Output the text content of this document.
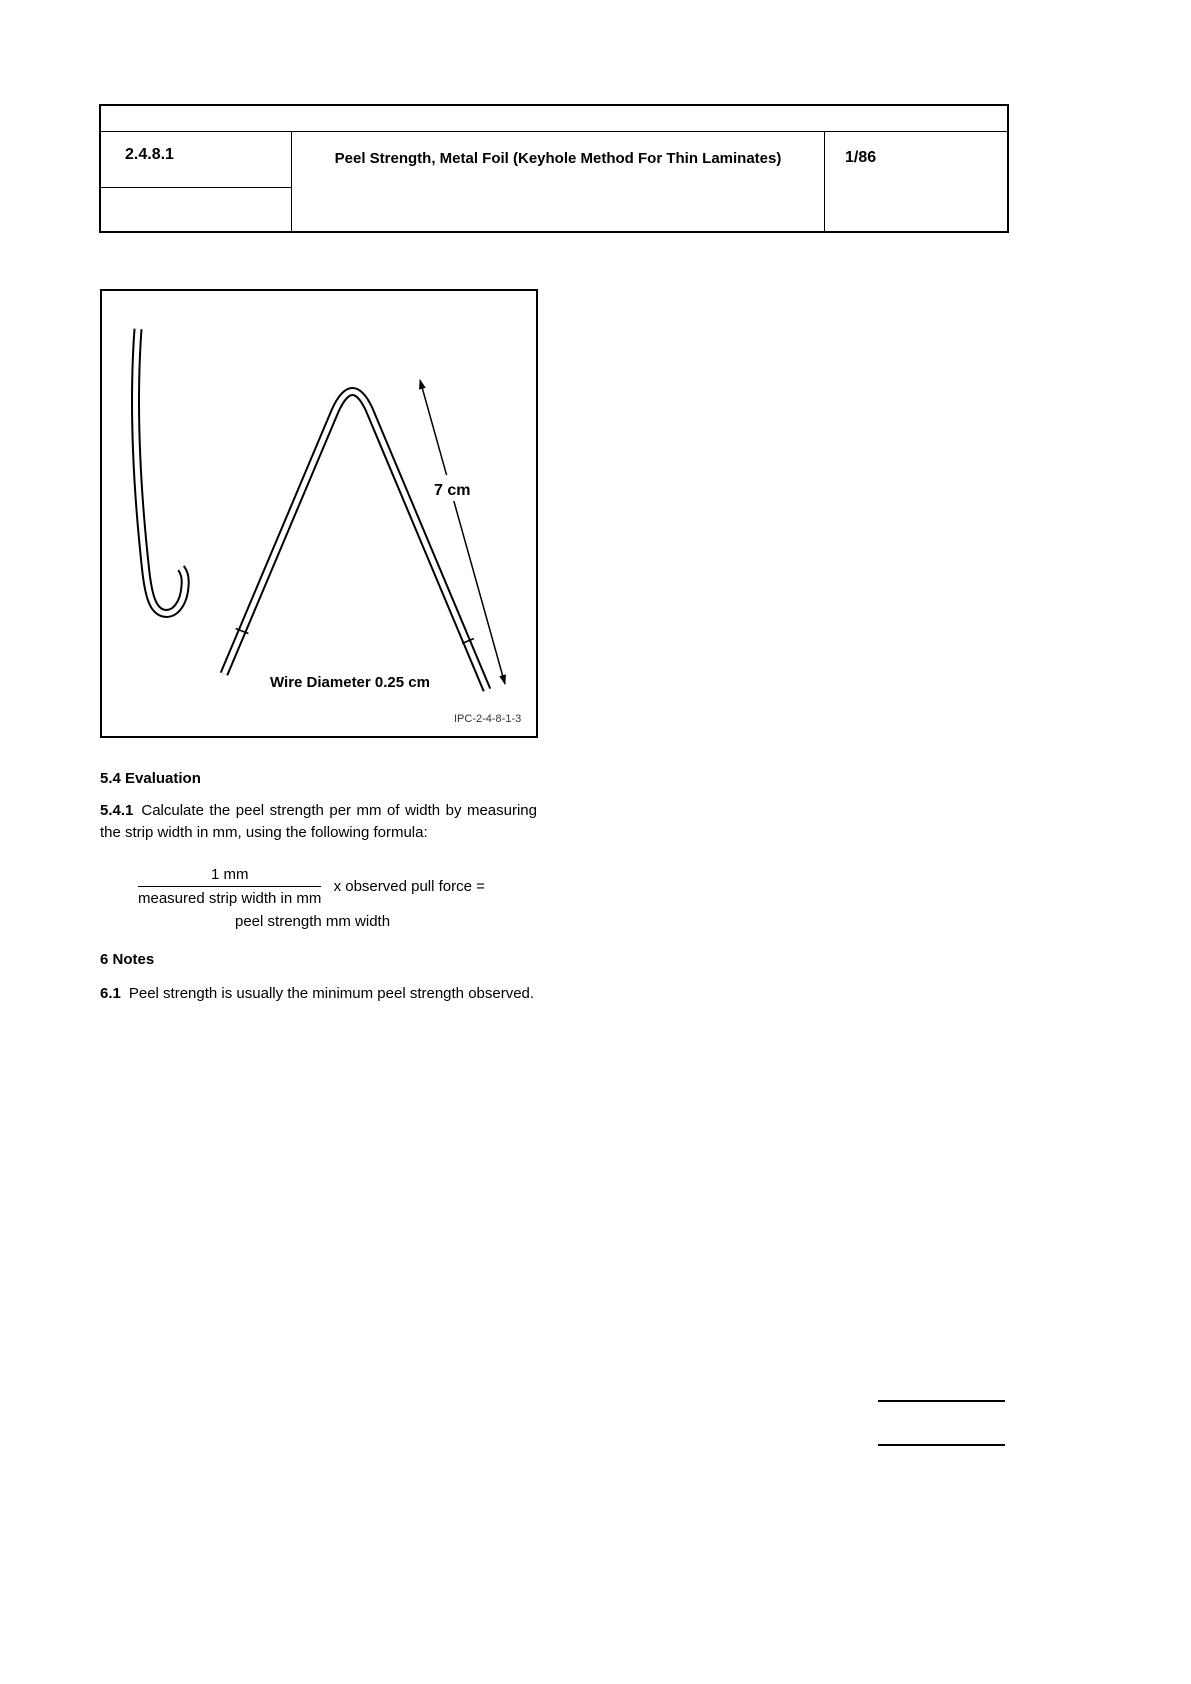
2.4.8.1	Peel Strength, Metal Foil (Keyhole Method For Thin Laminates)	1/86
7 cm
Wire Diameter 0.25 cm
IPC-2-4-8-1-3
5.4 Evaluation

5.4.1 Calculate the peel strength per mm of width by measuring the strip width in mm, using the following formula:

$\frac{1 mm}{\text{measured strip width in mm}}$ x observed pull force =
peel strength mm width
6 Notes

6.1 Peel strength is usually the minimum peel strength observed.
